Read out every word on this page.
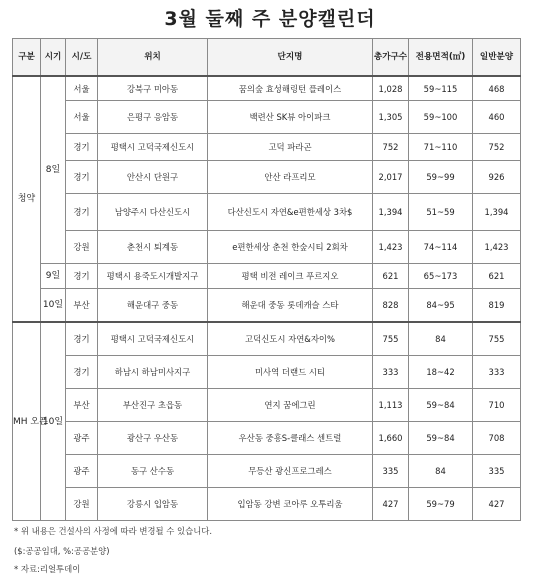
3월 둘째 주 분양캘린더
구분	시기	시/도	위치	단지명	총가구수	전용면적(㎡)	일반분양
청약	8일	서울	강북구 미아동	꿈의숲 효성해링턴 플레이스	1,028	59~115	468
		서울	은평구 응암동	백련산 SK뷰 아이파크	1,305	59~100	460
		경기	평택시 고덕국제신도시	고덕 파라곤	752	71~110	752
		경기	안산시 단원구	안산 라프리모	2,017	59~99	926
		경기	남양주시 다산신도시	다산신도시 자연&e편한세상 3차$	1,394	51~59	1,394
		강원	춘천시 퇴계동	e편한세상 춘천 한숲시티 2회차	1,423	74~114	1,423
	9일	경기	평택시 용죽도시개발지구	평택 비전 레이크 푸르지오	621	65~173	621
	10일	부산	해운대구 중동	해운대 중동 롯데캐슬 스타	828	84~95	819
MH 오픈	10일	경기	평택시 고덕국제신도시	고덕신도시 자연&자이%	755	84	755
		경기	하남시 하남미사지구	미사역 더랜드 시티	333	18~42	333
		부산	부산진구 초읍동	연지 꿈에그린	1,113	59~84	710
		광주	광산구 우산동	우산동 중흥S-클래스 센트럴	1,660	59~84	708
		광주	동구 산수동	무등산 광신프로그레스	335	84	335
		강원	강릉시 입암동	입암동 강변 코아루 오투리움	427	59~79	427
* 위 내용은 건설사의 사정에 따라 변경될 수 있습니다.
($:공공임대, %:공공분양)
* 자료:리얼투데이
